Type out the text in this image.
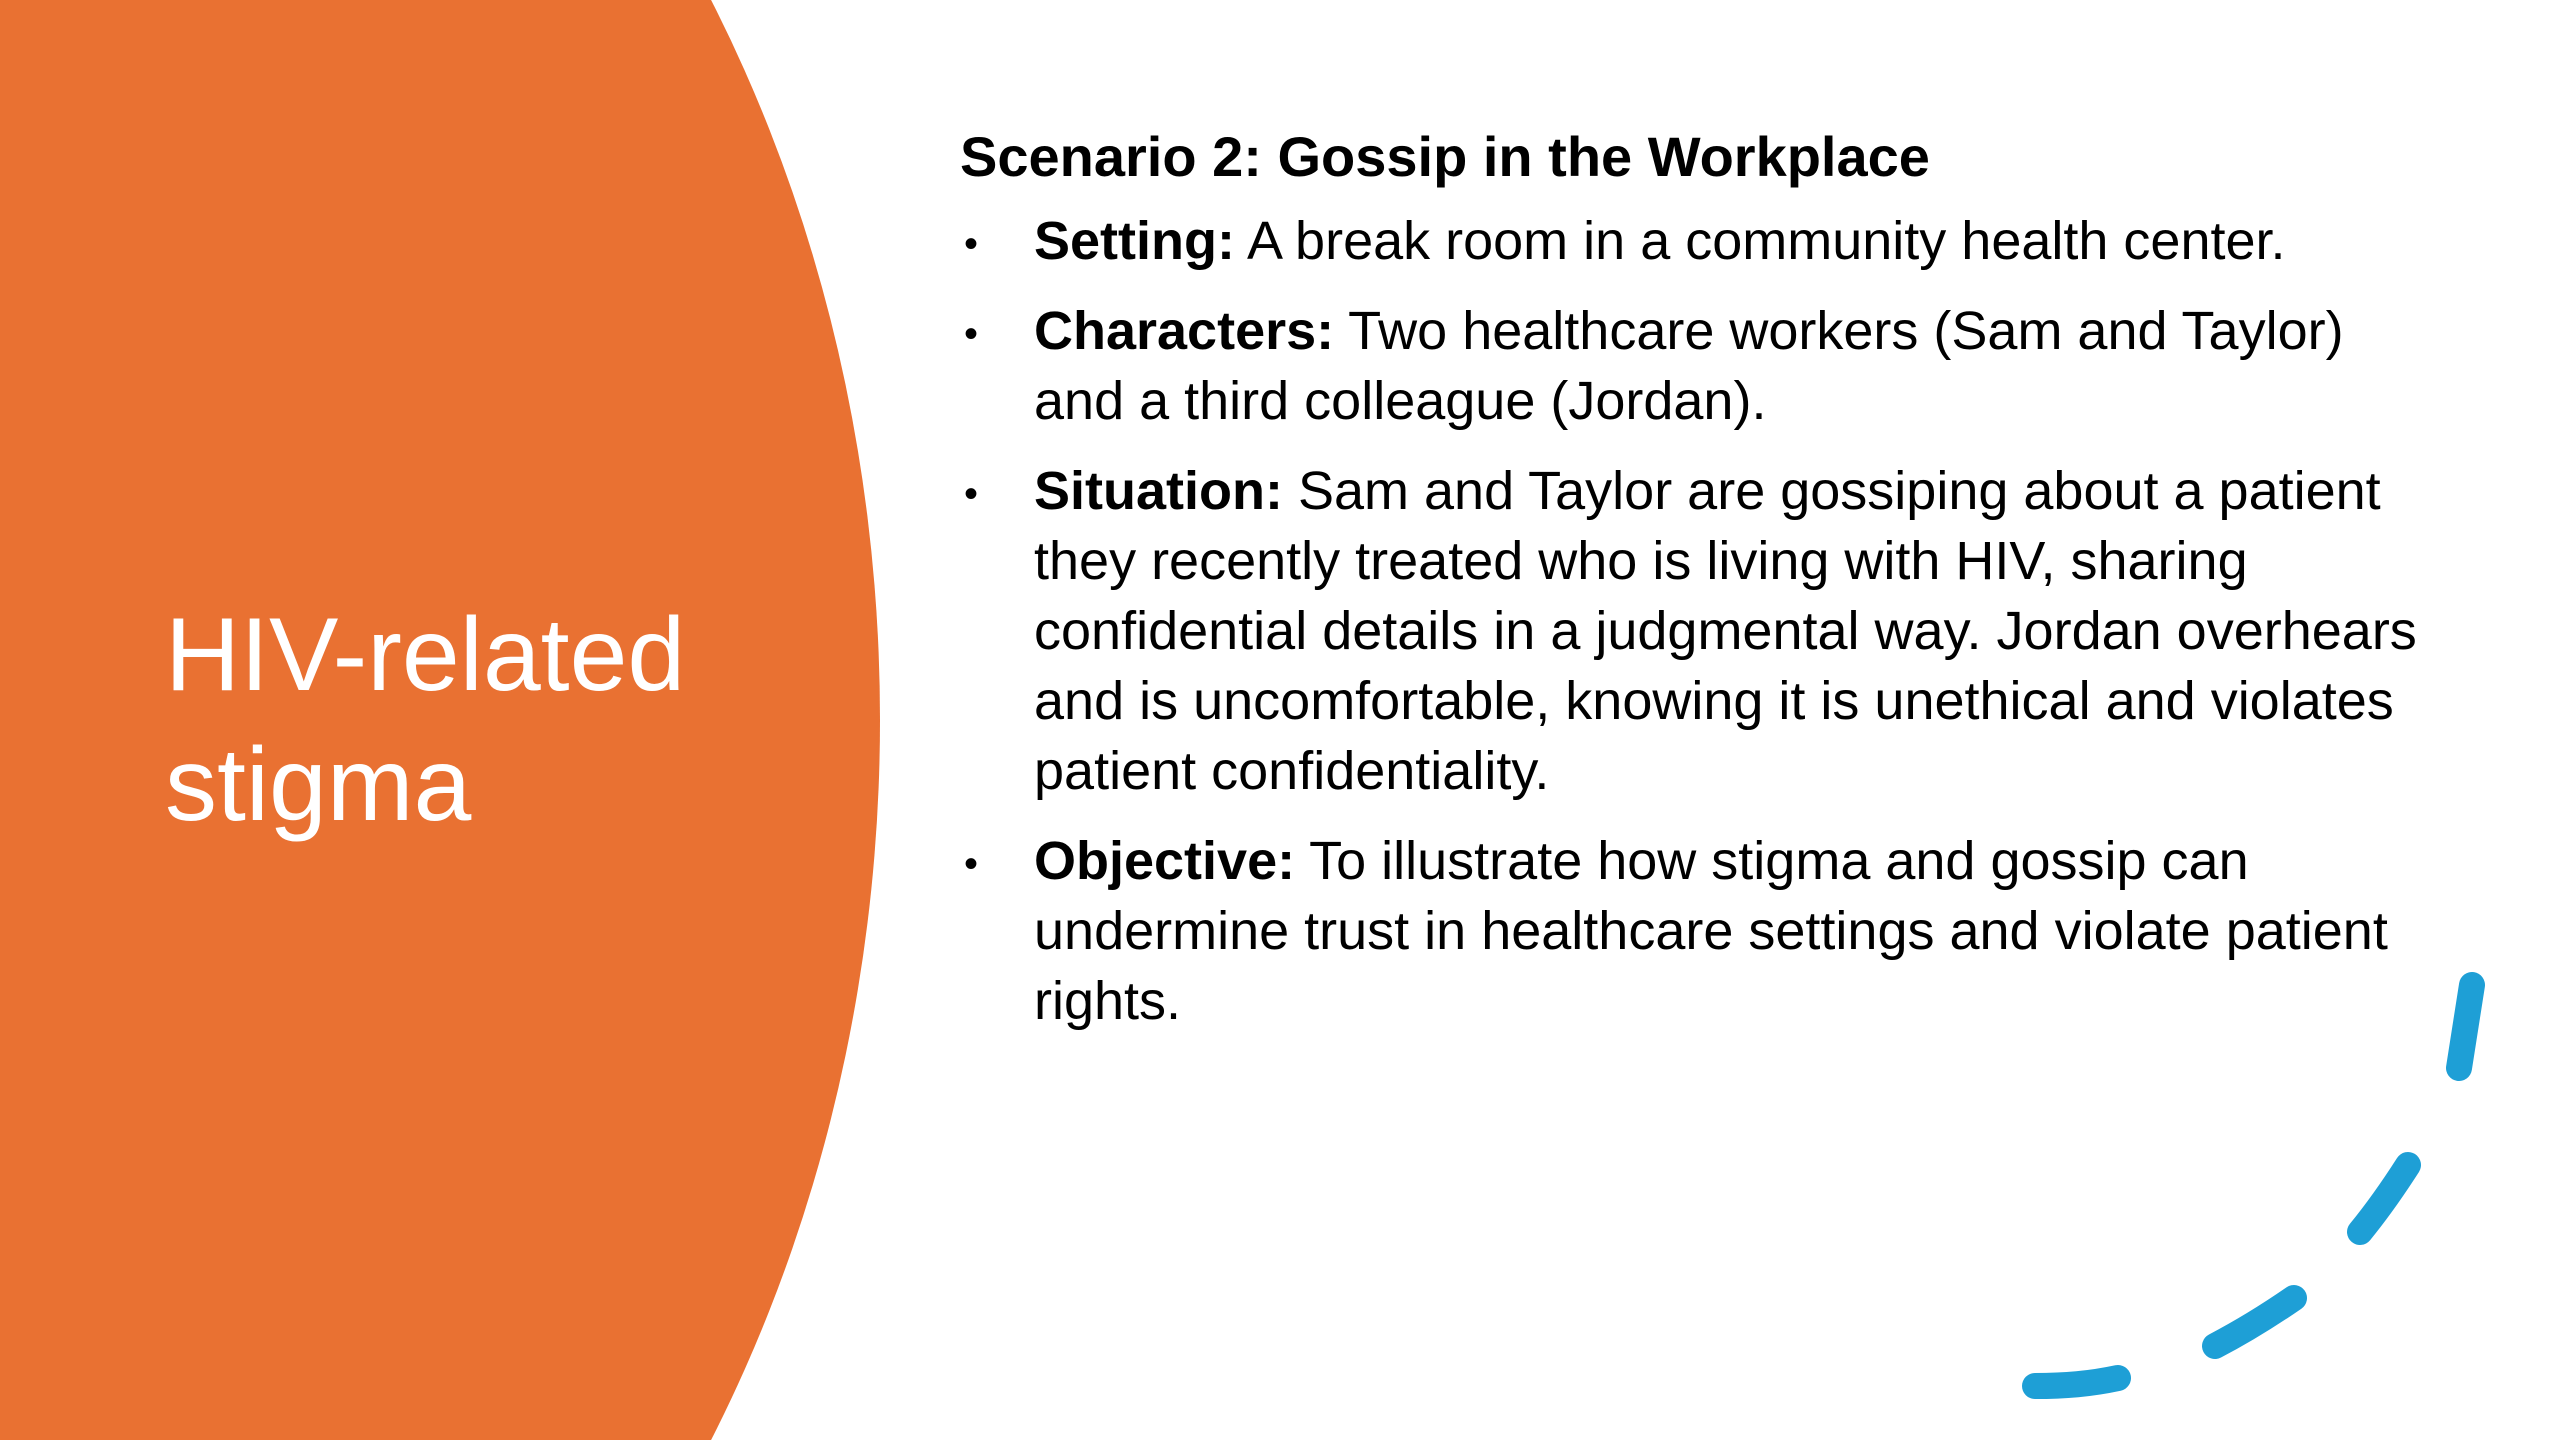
HIV-related stigma
Scenario 2: Gossip in the Workplace
• Setting: A break room in a community health center.
• Characters: Two healthcare workers (Sam and Taylor) and a third colleague (Jordan).
• Situation: Sam and Taylor are gossiping about a patient they recently treated who is living with HIV, sharing confidential details in a judgmental way. Jordan overhears and is uncomfortable, knowing it is unethical and violates patient confidentiality.
• Objective: To illustrate how stigma and gossip can undermine trust in healthcare settings and violate patient rights.
